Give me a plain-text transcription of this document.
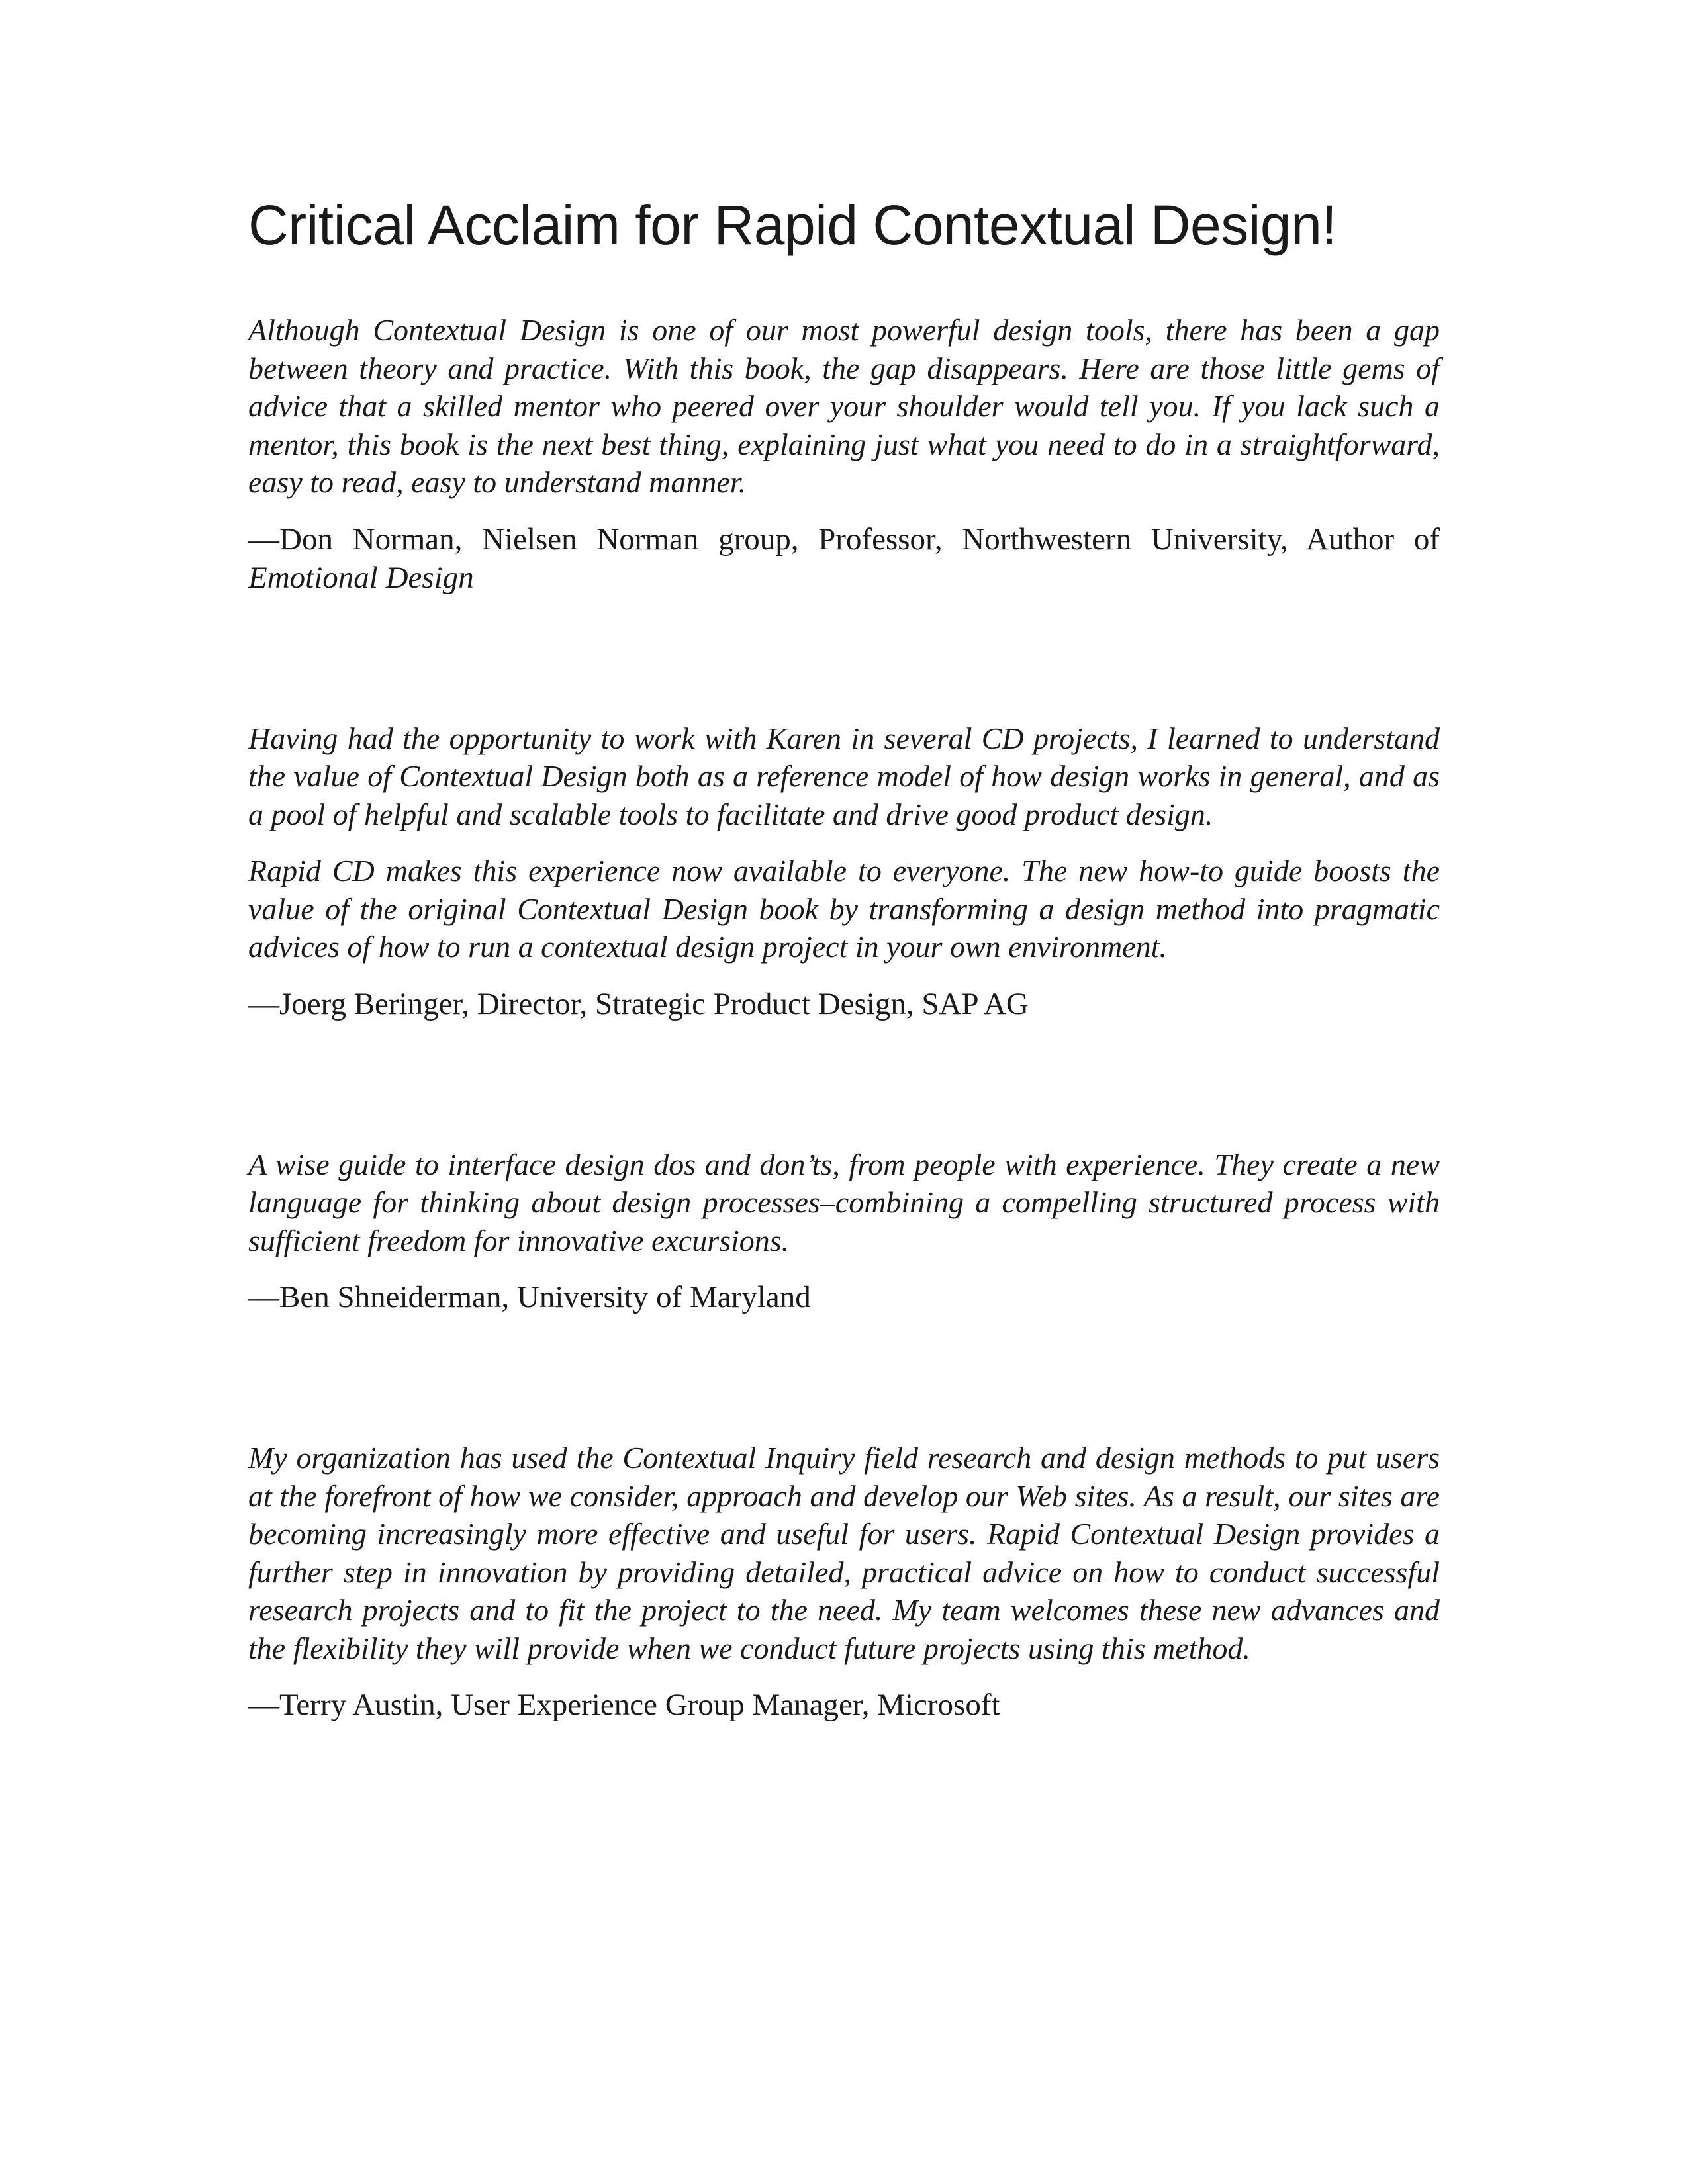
Critical Acclaim for Rapid Contextual Design!

Although Contextual Design is one of our most powerful design tools, there has been a gap between theory and practice. With this book, the gap disappears. Here are those little gems of advice that a skilled mentor who peered over your shoulder would tell you. If you lack such a mentor, this book is the next best thing, explaining just what you need to do in a straightforward, easy to read, easy to understand manner.

—Don Norman, Nielsen Norman group, Professor, Northwestern University, Author of Emotional Design

Having had the opportunity to work with Karen in several CD projects, I learned to understand the value of Contextual Design both as a reference model of how design works in general, and as a pool of helpful and scalable tools to facilitate and drive good product design.

Rapid CD makes this experience now available to everyone. The new how-to guide boosts the value of the original Contextual Design book by transforming a design method into pragmatic advices of how to run a contextual design project in your own environment.

—Joerg Beringer, Director, Strategic Product Design, SAP AG

A wise guide to interface design dos and don’ts, from people with experience. They create a new language for thinking about design processes–combining a compelling structured process with sufficient freedom for innovative excursions.

—Ben Shneiderman, University of Maryland

My organization has used the Contextual Inquiry field research and design methods to put users at the forefront of how we consider, approach and develop our Web sites. As a result, our sites are becoming increasingly more effective and useful for users. Rapid Contextual Design provides a further step in innovation by providing detailed, practical advice on how to conduct successful research projects and to fit the project to the need. My team welcomes these new advances and the flexibility they will provide when we conduct future projects using this method.

—Terry Austin, User Experience Group Manager, Microsoft
